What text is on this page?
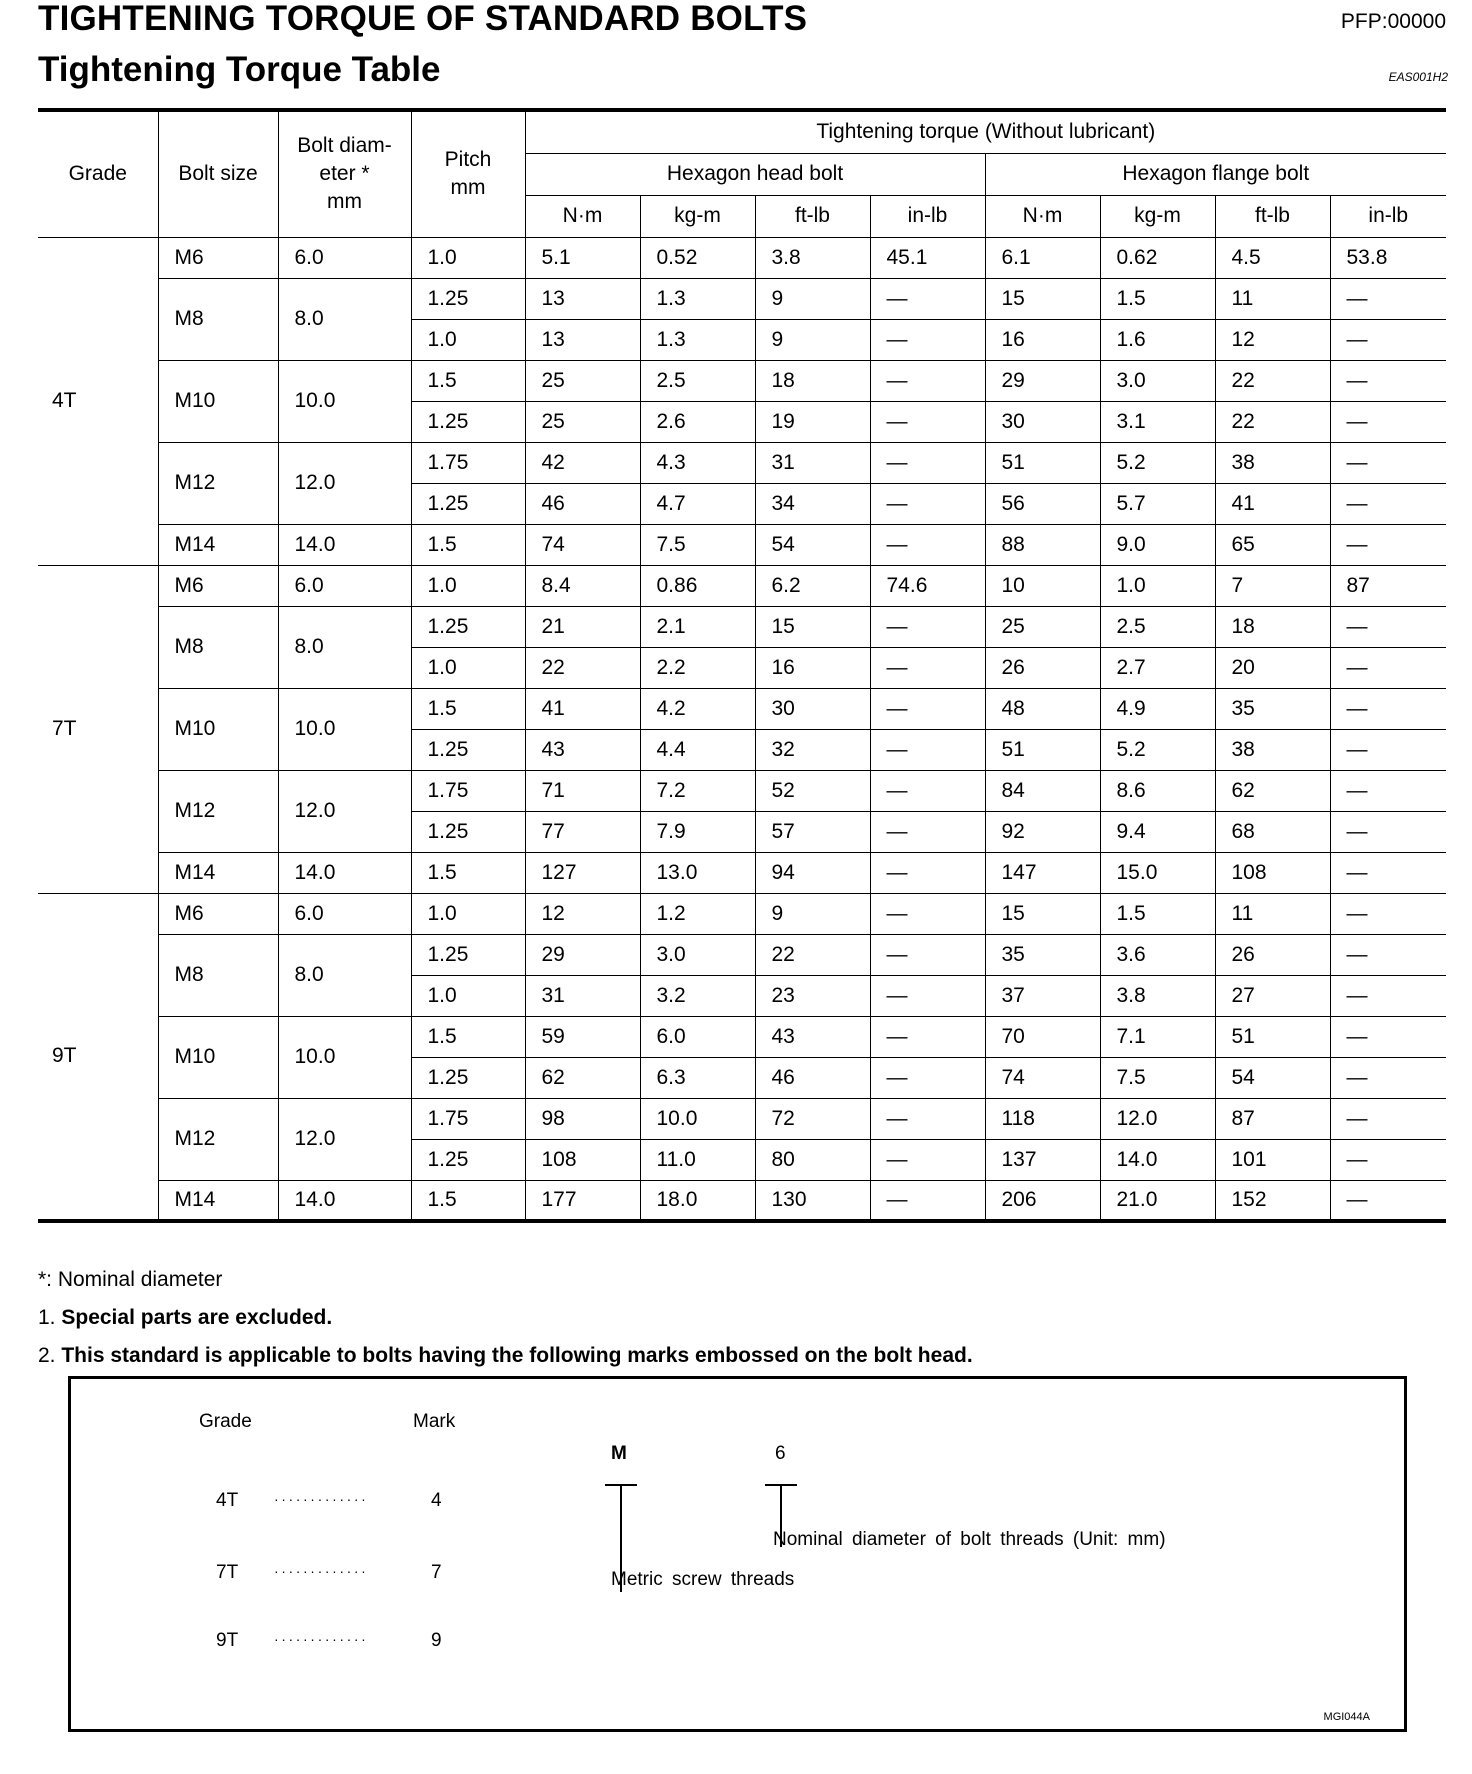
TIGHTENING TORQUE OF STANDARD BOLTS
Tightening Torque Table
PFP:00000
EAS001H2
Grade	Bolt size	Bolt diam-
eter *
mm	Pitch
mm	Tightening torque (Without lubricant)							
				Hexagon head bolt				Hexagon flange bolt			
				N·m	kg-m	ft-lb	in-lb	N·m	kg-m	ft-lb	in-lb
4T	M6	6.0	1.0	5.1	0.52	3.8	45.1	6.1	0.62	4.5	53.8
	M8	8.0	1.25	13	1.3	9	—	15	1.5	11	—
			1.0	13	1.3	9	—	16	1.6	12	—
	M10	10.0	1.5	25	2.5	18	—	29	3.0	22	—
			1.25	25	2.6	19	—	30	3.1	22	—
	M12	12.0	1.75	42	4.3	31	—	51	5.2	38	—
			1.25	46	4.7	34	—	56	5.7	41	—
	M14	14.0	1.5	74	7.5	54	—	88	9.0	65	—
7T	M6	6.0	1.0	8.4	0.86	6.2	74.6	10	1.0	7	87
	M8	8.0	1.25	21	2.1	15	—	25	2.5	18	—
			1.0	22	2.2	16	—	26	2.7	20	—
	M10	10.0	1.5	41	4.2	30	—	48	4.9	35	—
			1.25	43	4.4	32	—	51	5.2	38	—
	M12	12.0	1.75	71	7.2	52	—	84	8.6	62	—
			1.25	77	7.9	57	—	92	9.4	68	—
	M14	14.0	1.5	127	13.0	94	—	147	15.0	108	—
9T	M6	6.0	1.0	12	1.2	9	—	15	1.5	11	—
	M8	8.0	1.25	29	3.0	22	—	35	3.6	26	—
			1.0	31	3.2	23	—	37	3.8	27	—
	M10	10.0	1.5	59	6.0	43	—	70	7.1	51	—
			1.25	62	6.3	46	—	74	7.5	54	—
	M12	12.0	1.75	98	10.0	72	—	118	12.0	87	—
			1.25	108	11.0	80	—	137	14.0	101	—
	M14	14.0	1.5	177	18.0	130	—	206	21.0	152	—
*: Nominal diameter
1. Special parts are excluded.
2. This standard is applicable to bolts having the following marks embossed on the bolt head.
Grade	Mark
4T	·············	4
7T	·············	7
9T	·············	9
M	6
Nominal diameter of bolt threads (Unit: mm)
Metric screw threads
MGI044A
